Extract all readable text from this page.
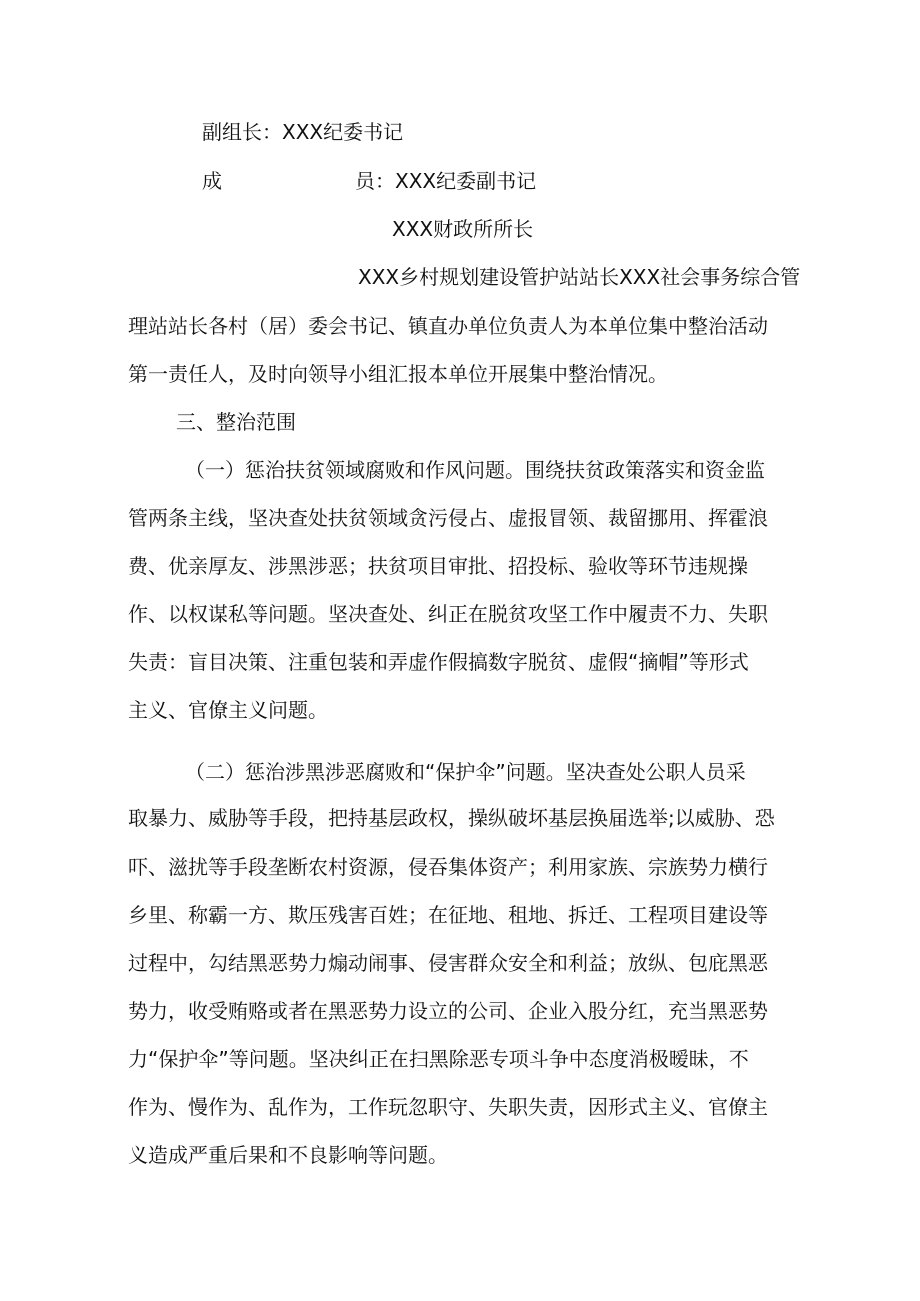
副组长：XXX纪委书记

成	员：XXX纪委副书记

XXX财政所所长

XXX乡村规划建设管护站站长XXX社会事务综合管

理站站长各村（居）委会书记、镇直办单位负责人为本单位集中整治活动

第一责任人，及时向领导小组汇报本单位开展集中整治情况。

三、整治范围

（一）惩治扶贫领域腐败和作风问题。围绕扶贫政策落实和资金监

管两条主线，坚决查处扶贫领域贪污侵占、虚报冒领、裁留挪用、挥霍浪

费、优亲厚友、涉黑涉恶；扶贫项目审批、招投标、验收等环节违规操

作、以权谋私等问题。坚决查处、纠正在脱贫攻坚工作中履责不力、失职

失责：盲目决策、注重包装和弄虚作假搞数字脱贫、虚假“摘帽”等形式

主义、官僚主义问题。

（二）惩治涉黑涉恶腐败和“保护伞”问题。坚决查处公职人员采

取暴力、威胁等手段，把持基层政权，操纵破坏基层换届选举;以威胁、恐

吓、滋扰等手段垄断农村资源，侵吞集体资产；利用家族、宗族势力横行

乡里、称霸一方、欺压残害百姓；在征地、租地、拆迁、工程项目建设等

过程中，勾结黑恶势力煽动闹事、侵害群众安全和利益；放纵、包庇黑恶

势力，收受贿赂或者在黑恶势力设立的公司、企业入股分红，充当黑恶势

力“保护伞”等问题。坚决纠正在扫黑除恶专项斗争中态度消极暧昧，不

作为、慢作为、乱作为，工作玩忽职守、失职失责，因形式主义、官僚主

义造成严重后果和不良影响等问题。
